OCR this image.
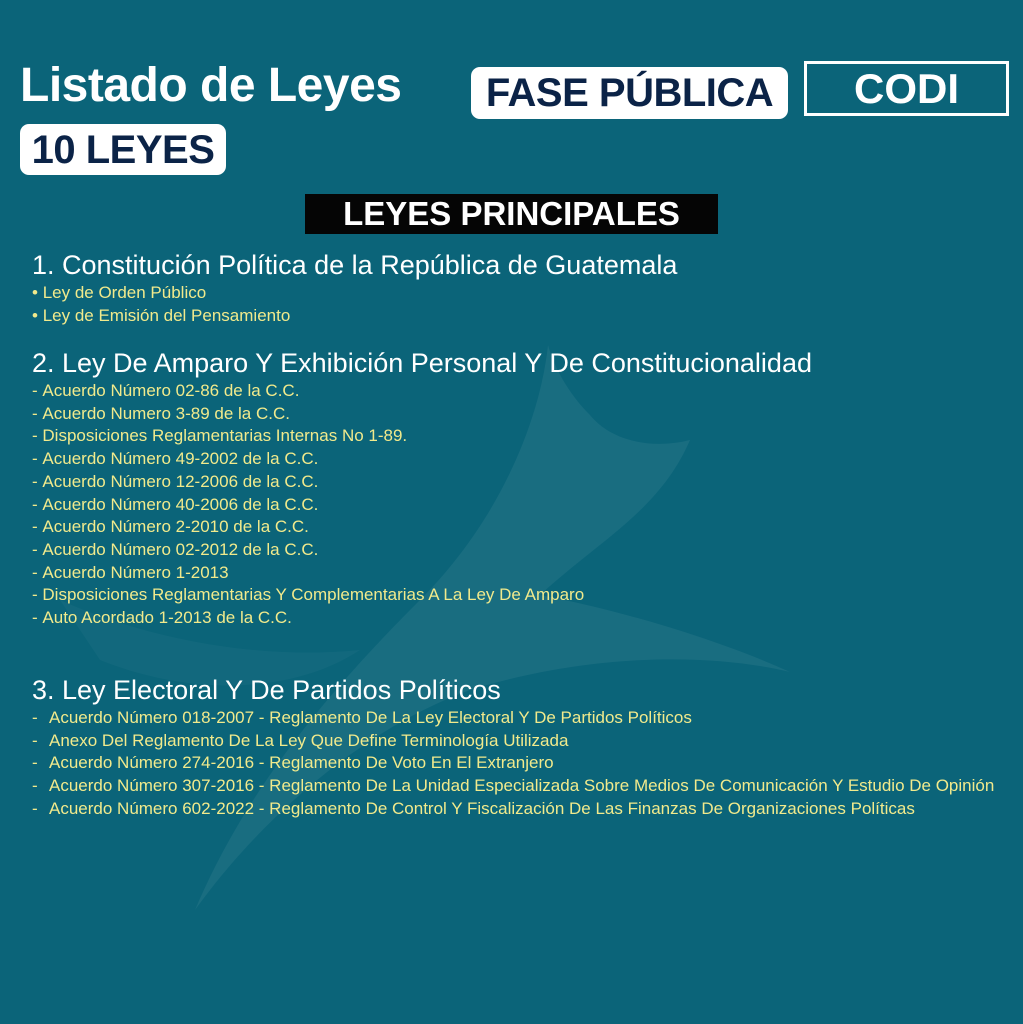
Listado de Leyes	FASE PÚBLICA	CODI
10 LEYES
LEYES PRINCIPALES
1. Constitución Política de la República de Guatemala
•
Ley de Orden Público
•
Ley de Emisión del Pensamiento
2. Ley De Amparo Y Exhibición Personal Y De Constitucionalidad
-
Acuerdo Número 02-86 de la C.C.
-
Acuerdo Numero 3-89 de la C.C.
-
Disposiciones Reglamentarias Internas No 1-89.
-
Acuerdo Número 49-2002 de la C.C.
-
Acuerdo Número 12-2006 de la C.C.
-
Acuerdo Número 40-2006 de la C.C.
-
Acuerdo Número 2-2010 de la C.C.
-
Acuerdo Número 02-2012 de la C.C.
-
Acuerdo Número 1-2013
-
Disposiciones Reglamentarias Y Complementarias A La Ley De Amparo
-
Auto Acordado 1-2013 de la C.C.
3. Ley Electoral Y De Partidos Políticos
- Acuerdo Número 018-2007 - Reglamento De La Ley Electoral Y De Partidos Políticos
- Anexo Del Reglamento De La Ley Que Define Terminología Utilizada
- Acuerdo Número 274-2016 - Reglamento De Voto En El Extranjero
- Acuerdo Número 307-2016 - Reglamento De La Unidad Especializada Sobre Medios De Comunicación Y Estudio De Opinión
- Acuerdo Número 602-2022 - Reglamento De Control Y Fiscalización De Las Finanzas De Organizaciones Políticas
